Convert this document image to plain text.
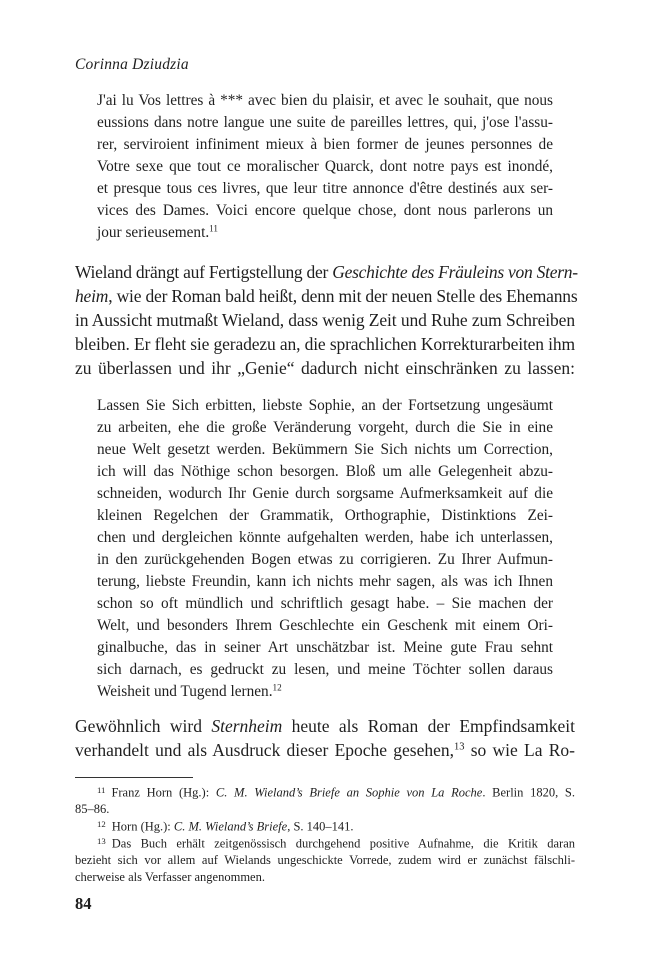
Corinna Dziudzia
J'ai lu Vos lettres à *** avec bien du plaisir, et avec le souhait, que nous
eussions dans notre langue une suite de pareilles lettres, qui, j'ose l'assu-
rer, serviroient infiniment mieux à bien former de jeunes personnes de
Votre sexe que tout ce moralischer Quarck, dont notre pays est inondé,
et presque tous ces livres, que leur titre annonce d'être destinés aux ser-
vices des Dames. Voici encore quelque chose, dont nous parlerons un
jour serieusement.$^{11}$
Wieland drängt auf Fertigstellung der Geschichte des Fräuleins von Stern-
heim, wie der Roman bald heißt, denn mit der neuen Stelle des Ehemanns
in Aussicht mutmaßt Wieland, dass wenig Zeit und Ruhe zum Schreiben
bleiben. Er fleht sie geradezu an, die sprachlichen Korrekturarbeiten ihm
zu überlassen und ihr „Genie“ dadurch nicht einschränken zu lassen:
Lassen Sie Sich erbitten, liebste Sophie, an der Fortsetzung ungesäumt
zu arbeiten, ehe die große Veränderung vorgeht, durch die Sie in eine
neue Welt gesetzt werden. Bekümmern Sie Sich nichts um Correction,
ich will das Nöthige schon besorgen. Bloß um alle Gelegenheit abzu-
schneiden, wodurch Ihr Genie durch sorgsame Aufmerksamkeit auf die
kleinen Regelchen der Grammatik, Orthographie, Distinktions Zei-
chen und dergleichen könnte aufgehalten werden, habe ich unterlassen,
in den zurückgehenden Bogen etwas zu corrigieren. Zu Ihrer Aufmun-
terung, liebste Freundin, kann ich nichts mehr sagen, als was ich Ihnen
schon so oft mündlich und schriftlich gesagt habe. – Sie machen der
Welt, und besonders Ihrem Geschlechte ein Geschenk mit einem Ori-
ginalbuche, das in seiner Art unschätzbar ist. Meine gute Frau sehnt
sich darnach, es gedruckt zu lesen, und meine Töchter sollen daraus
Weisheit und Tugend lernen.$^{12}$
Gewöhnlich wird Sternheim heute als Roman der Empfindsamkeit
verhandelt und als Ausdruck dieser Epoche gesehen,$^{13}$ so wie La Ro-
$^{11}$ Franz Horn (Hg.): C. M. Wieland’s Briefe an Sophie von La Roche. Berlin 1820, S.
85–86.
$^{12}$ Horn (Hg.): C. M. Wieland’s Briefe, S. 140–141.
$^{13}$ Das Buch erhält zeitgenössisch durchgehend positive Aufnahme, die Kritik daran
bezieht sich vor allem auf Wielands ungeschickte Vorrede, zudem wird er zunächst fälschli-
cherweise als Verfasser angenommen.
84
